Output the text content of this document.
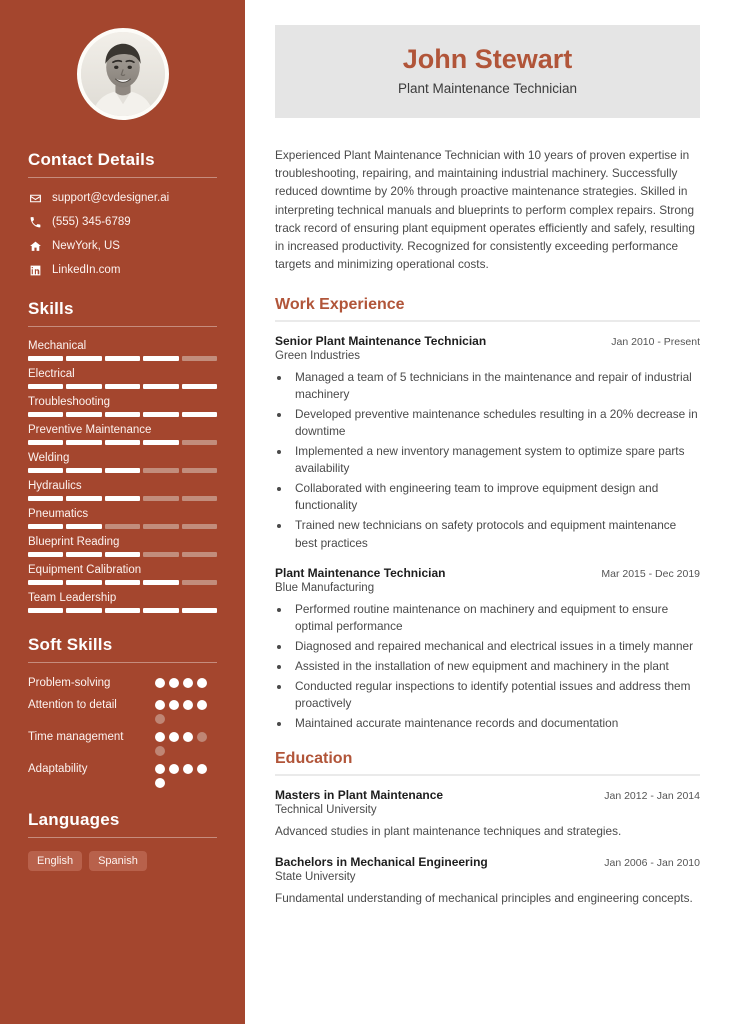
Contact Details
support@cvdesigner.ai
(555) 345-6789
NewYork, US
LinkedIn.com
Skills
Mechanical
Electrical
Troubleshooting
Preventive Maintenance
Welding
Hydraulics
Pneumatics
Blueprint Reading
Equipment Calibration
Team Leadership
Soft Skills
Problem-solving
Attention to detail
Time management
Adaptability
Languages
English	Spanish
John Stewart
Plant Maintenance Technician

Experienced Plant Maintenance Technician with 10 years of proven expertise in troubleshooting, repairing, and maintaining industrial machinery. Successfully reduced downtime by 20% through proactive maintenance strategies. Skilled in interpreting technical manuals and blueprints to perform complex repairs. Strong track record of ensuring plant equipment operates efficiently and safely, resulting in increased productivity. Recognized for consistently exceeding performance targets and minimizing operational costs.

Work Experience
Senior Plant Maintenance Technician	Jan 2010 - Present
Green Industries
• Managed a team of 5 technicians in the maintenance and repair of industrial machinery
• Developed preventive maintenance schedules resulting in a 20% decrease in downtime
• Implemented a new inventory management system to optimize spare parts availability
• Collaborated with engineering team to improve equipment design and functionality
• Trained new technicians on safety protocols and equipment maintenance best practices
Plant Maintenance Technician	Mar 2015 - Dec 2019
Blue Manufacturing
• Performed routine maintenance on machinery and equipment to ensure optimal performance
• Diagnosed and repaired mechanical and electrical issues in a timely manner
• Assisted in the installation of new equipment and machinery in the plant
• Conducted regular inspections to identify potential issues and address them proactively
• Maintained accurate maintenance records and documentation
Education
Masters in Plant Maintenance	Jan 2012 - Jan 2014
Technical University
Advanced studies in plant maintenance techniques and strategies.
Bachelors in Mechanical Engineering	Jan 2006 - Jan 2010
State University
Fundamental understanding of mechanical principles and engineering concepts.
